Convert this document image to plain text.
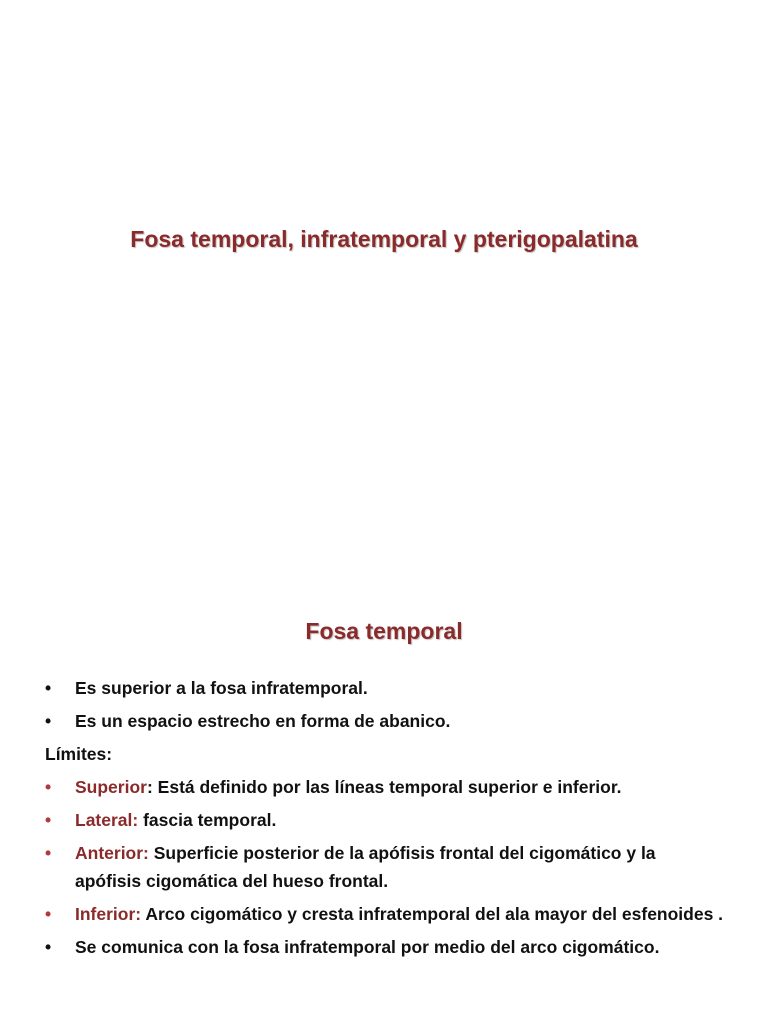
Fosa temporal, infratemporal y pterigopalatina
Fosa temporal
•	Es superior a la fosa infratemporal.
•	Es un espacio estrecho en forma de abanico.
Límites:
•	Superior: Está definido por las líneas temporal superior e inferior.
•	Lateral: fascia temporal.
•	Anterior: Superficie posterior de la apófisis frontal del cigomático y la apófisis cigomática del hueso frontal.
•	Inferior: Arco cigomático y cresta infratemporal del ala mayor del esfenoides .
•	Se comunica con la fosa infratemporal por medio del arco cigomático.
